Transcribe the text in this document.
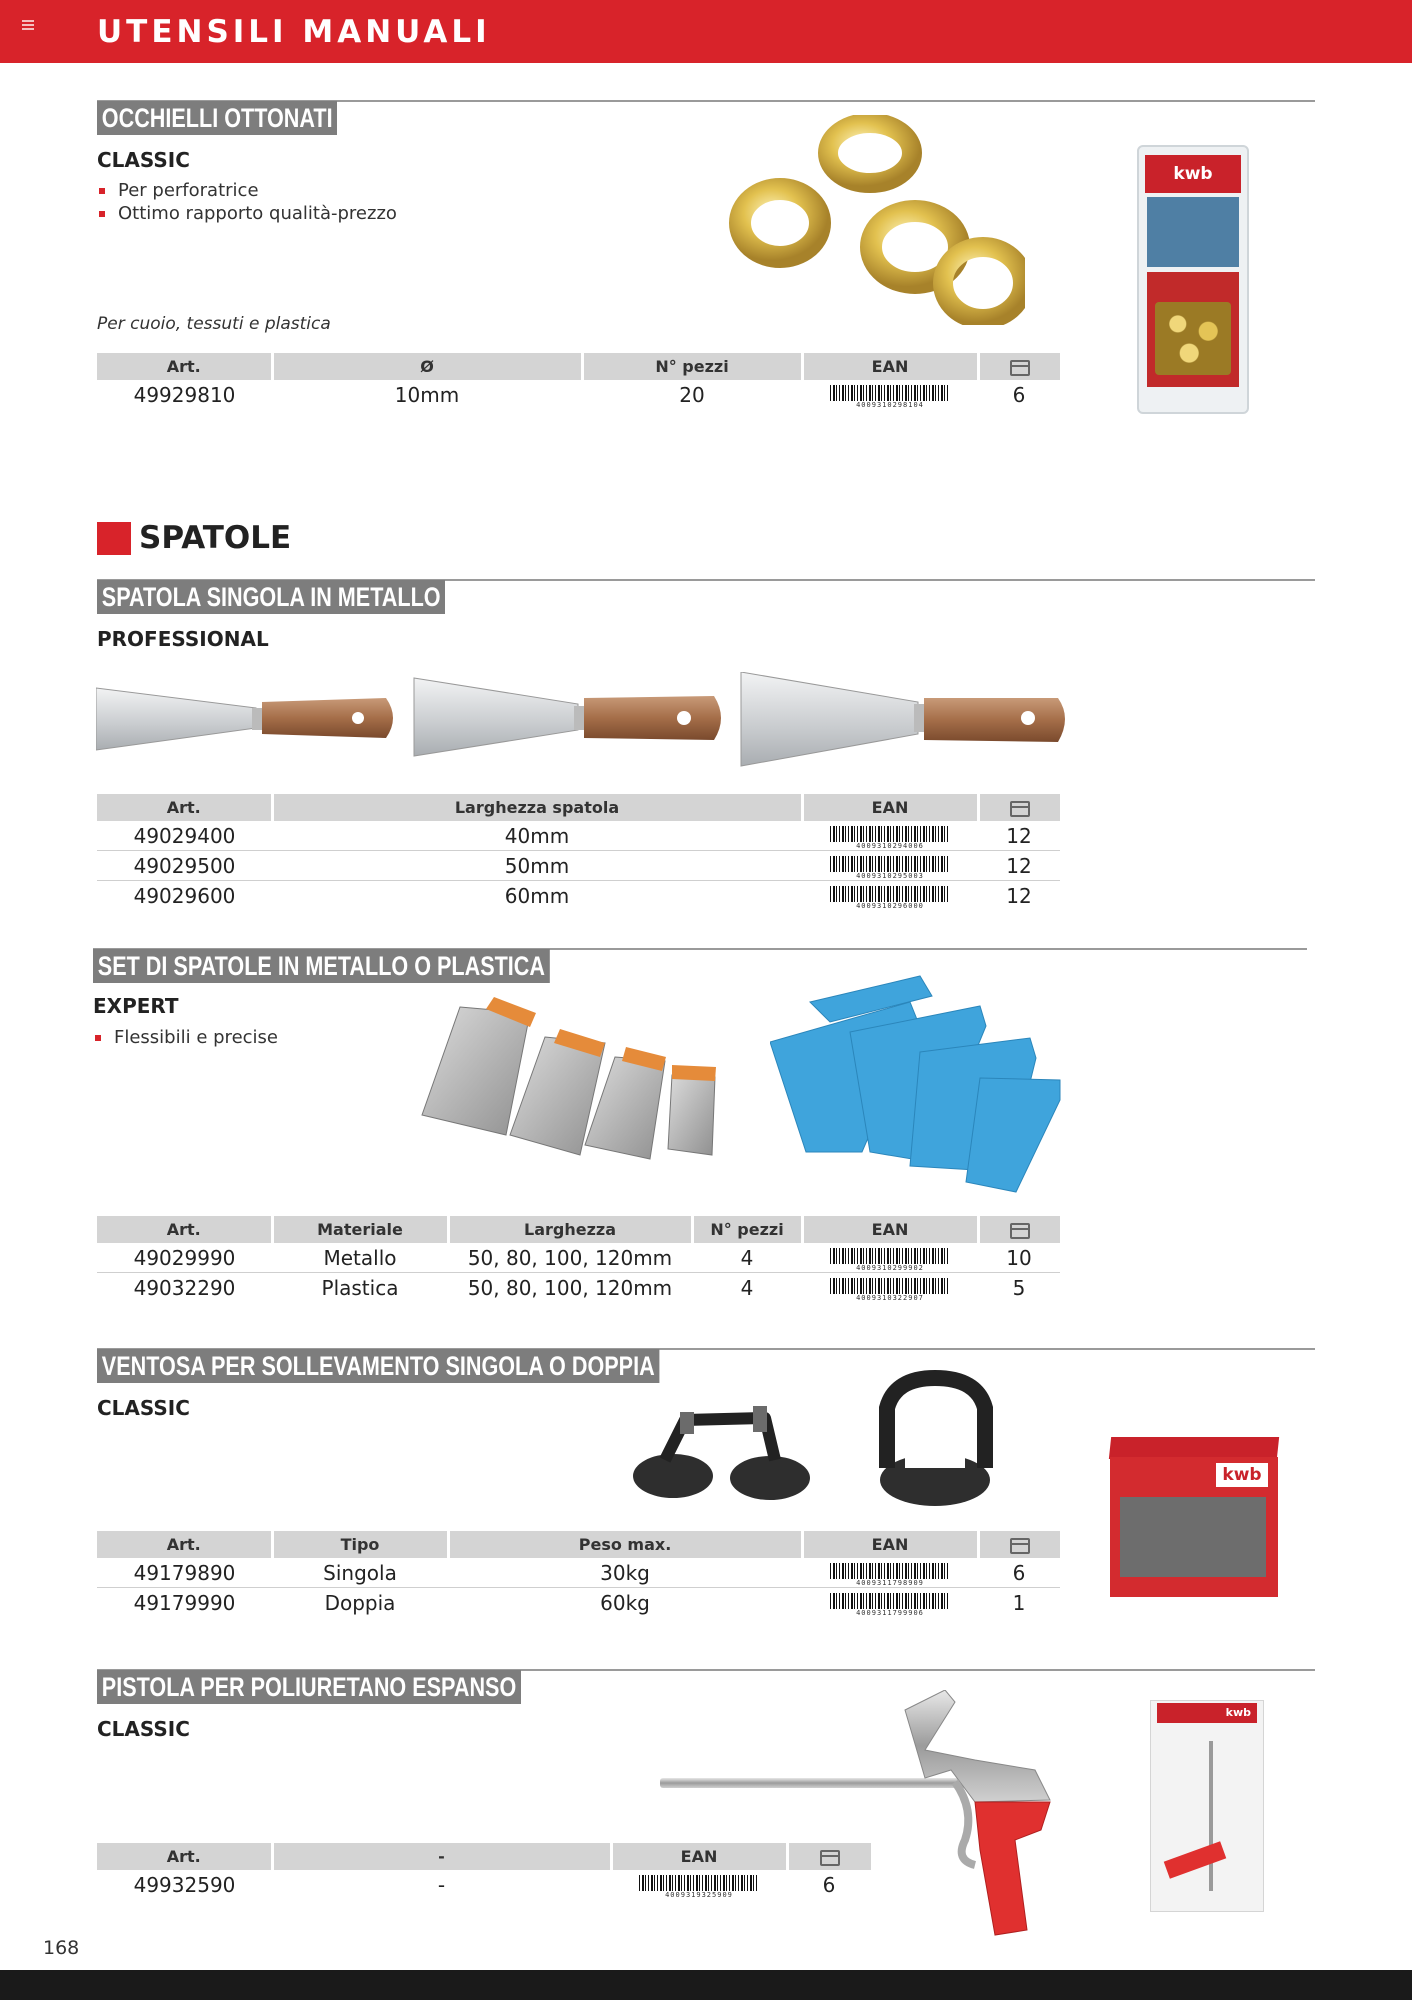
UTENSILI MANUALI
OCCHIELLI OTTONATI
CLASSIC
Per perforatrice
Ottimo rapporto qualità-prezzo
Per cuoio, tessuti e plastica
Art.	Ø	N° pezzi	EAN	
49929810	10mm	20	4009310298104	6
kwb
SPATOLE
SPATOLA SINGOLA IN METALLO
PROFESSIONAL
Art.	Larghezza spatola	EAN	
49029400	40mm	4009310294006	12
49029500	50mm	4009310295003	12
49029600	60mm	4009310296000	12
SET DI SPATOLE IN METALLO O PLASTICA
EXPERT
Flessibili e precise
Art.	Materiale	Larghezza	N° pezzi	EAN	
49029990	Metallo	50, 80, 100, 120mm	4	4009310299902	10
49032290	Plastica	50, 80, 100, 120mm	4	4009310322907	5
VENTOSA PER SOLLEVAMENTO SINGOLA O DOPPIA
CLASSIC
Art.	Tipo	Peso max.	EAN	
49179890	Singola	30kg	4009311798909	6
49179990	Doppia	60kg	4009311799906	1
kwb
PISTOLA PER POLIURETANO ESPANSO
CLASSIC
Art.	-	EAN	
49932590	-	4009319325909	6
kwb
168
